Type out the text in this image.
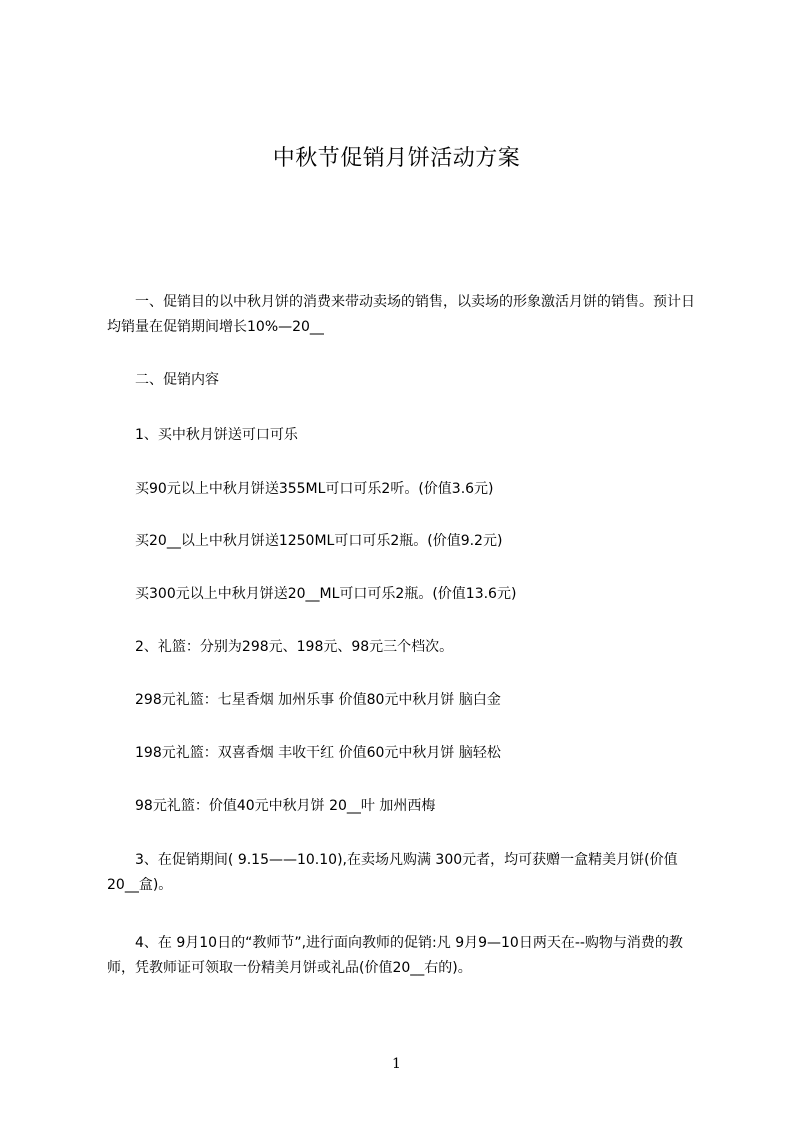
中秋节促销月饼活动方案

一、促销目的以中秋月饼的消费来带动卖场的销售，以卖场的形象激活月饼的销售。预计日均销量在促销期间增长10%—20__

二、促销内容

1、买中秋月饼送可口可乐

买90元以上中秋月饼送355ML可口可乐2听。(价值3.6元)

买20__以上中秋月饼送1250ML可口可乐2瓶。(价值9.2元)

买300元以上中秋月饼送20__ML可口可乐2瓶。(价值13.6元)

2、礼篮：分别为298元、198元、98元三个档次。

298元礼篮：七星香烟 加州乐事 价值80元中秋月饼 脑白金

198元礼篮：双喜香烟 丰收干红 价值60元中秋月饼 脑轻松

98元礼篮：价值40元中秋月饼 20__叶 加州西梅

3、在促销期间( 9.15——10.10),在卖场凡购满 300元者，均可获赠一盒精美月饼(价值20__盒)。

4、在 9月10日的“教师节”,进行面向教师的促销:凡 9月9—10日两天在--购物与消费的教师，凭教师证可领取一份精美月饼或礼品(价值20__右的)。

1
